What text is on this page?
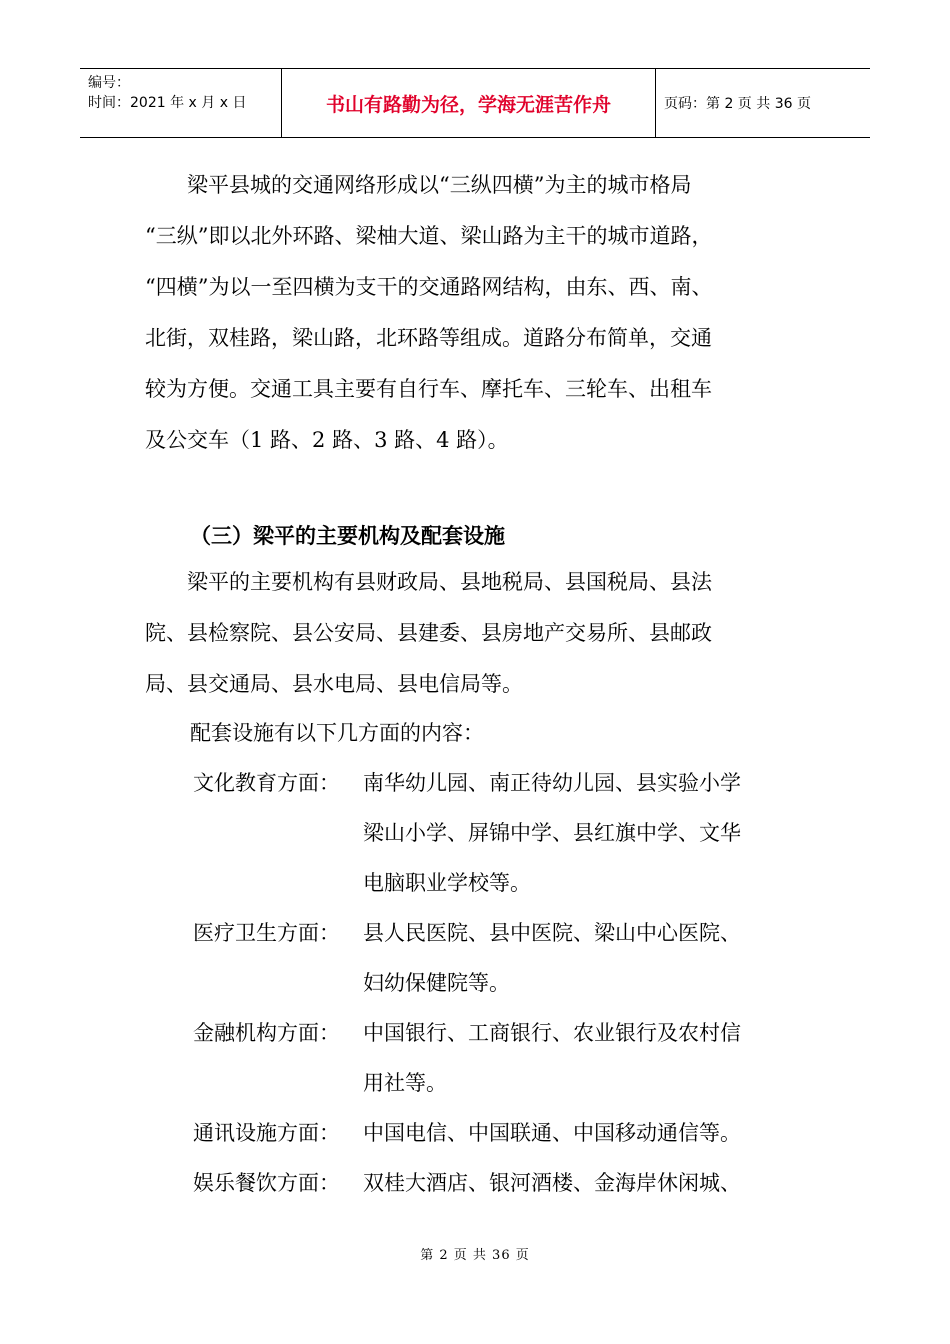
编号：
时间：2021 年 x 月 x 日	书山有路勤为径，学海无涯苦作舟	页码：第 2 页 共 36 页
　　梁平县城的交通网络形成以“三纵四横”为主的城市格局
“三纵”即以北外环路、梁柚大道、梁山路为主干的城市道路，
“四横”为以一至四横为支干的交通路网结构，由东、西、南、
北街，双桂路，梁山路，北环路等组成。道路分布简单，交通
较为方便。交通工具主要有自行车、摩托车、三轮车、出租车
及公交车（1 路、2 路、3 路、4 路）。
（三）梁平的主要机构及配套设施
　　梁平的主要机构有县财政局、县地税局、县国税局、县法
院、县检察院、县公安局、县建委、县房地产交易所、县邮政
局、县交通局、县水电局、县电信局等。
配套设施有以下几方面的内容：
文化教育方面： 南华幼儿园、南正待幼儿园、县实验小学
梁山小学、屏锦中学、县红旗中学、文华
电脑职业学校等。
医疗卫生方面： 县人民医院、县中医院、梁山中心医院、
妇幼保健院等。
金融机构方面： 中国银行、工商银行、农业银行及农村信
用社等。
通讯设施方面： 中国电信、中国联通、中国移动通信等。
娱乐餐饮方面： 双桂大酒店、银河酒楼、金海岸休闲城、
第 2 页 共 36 页
